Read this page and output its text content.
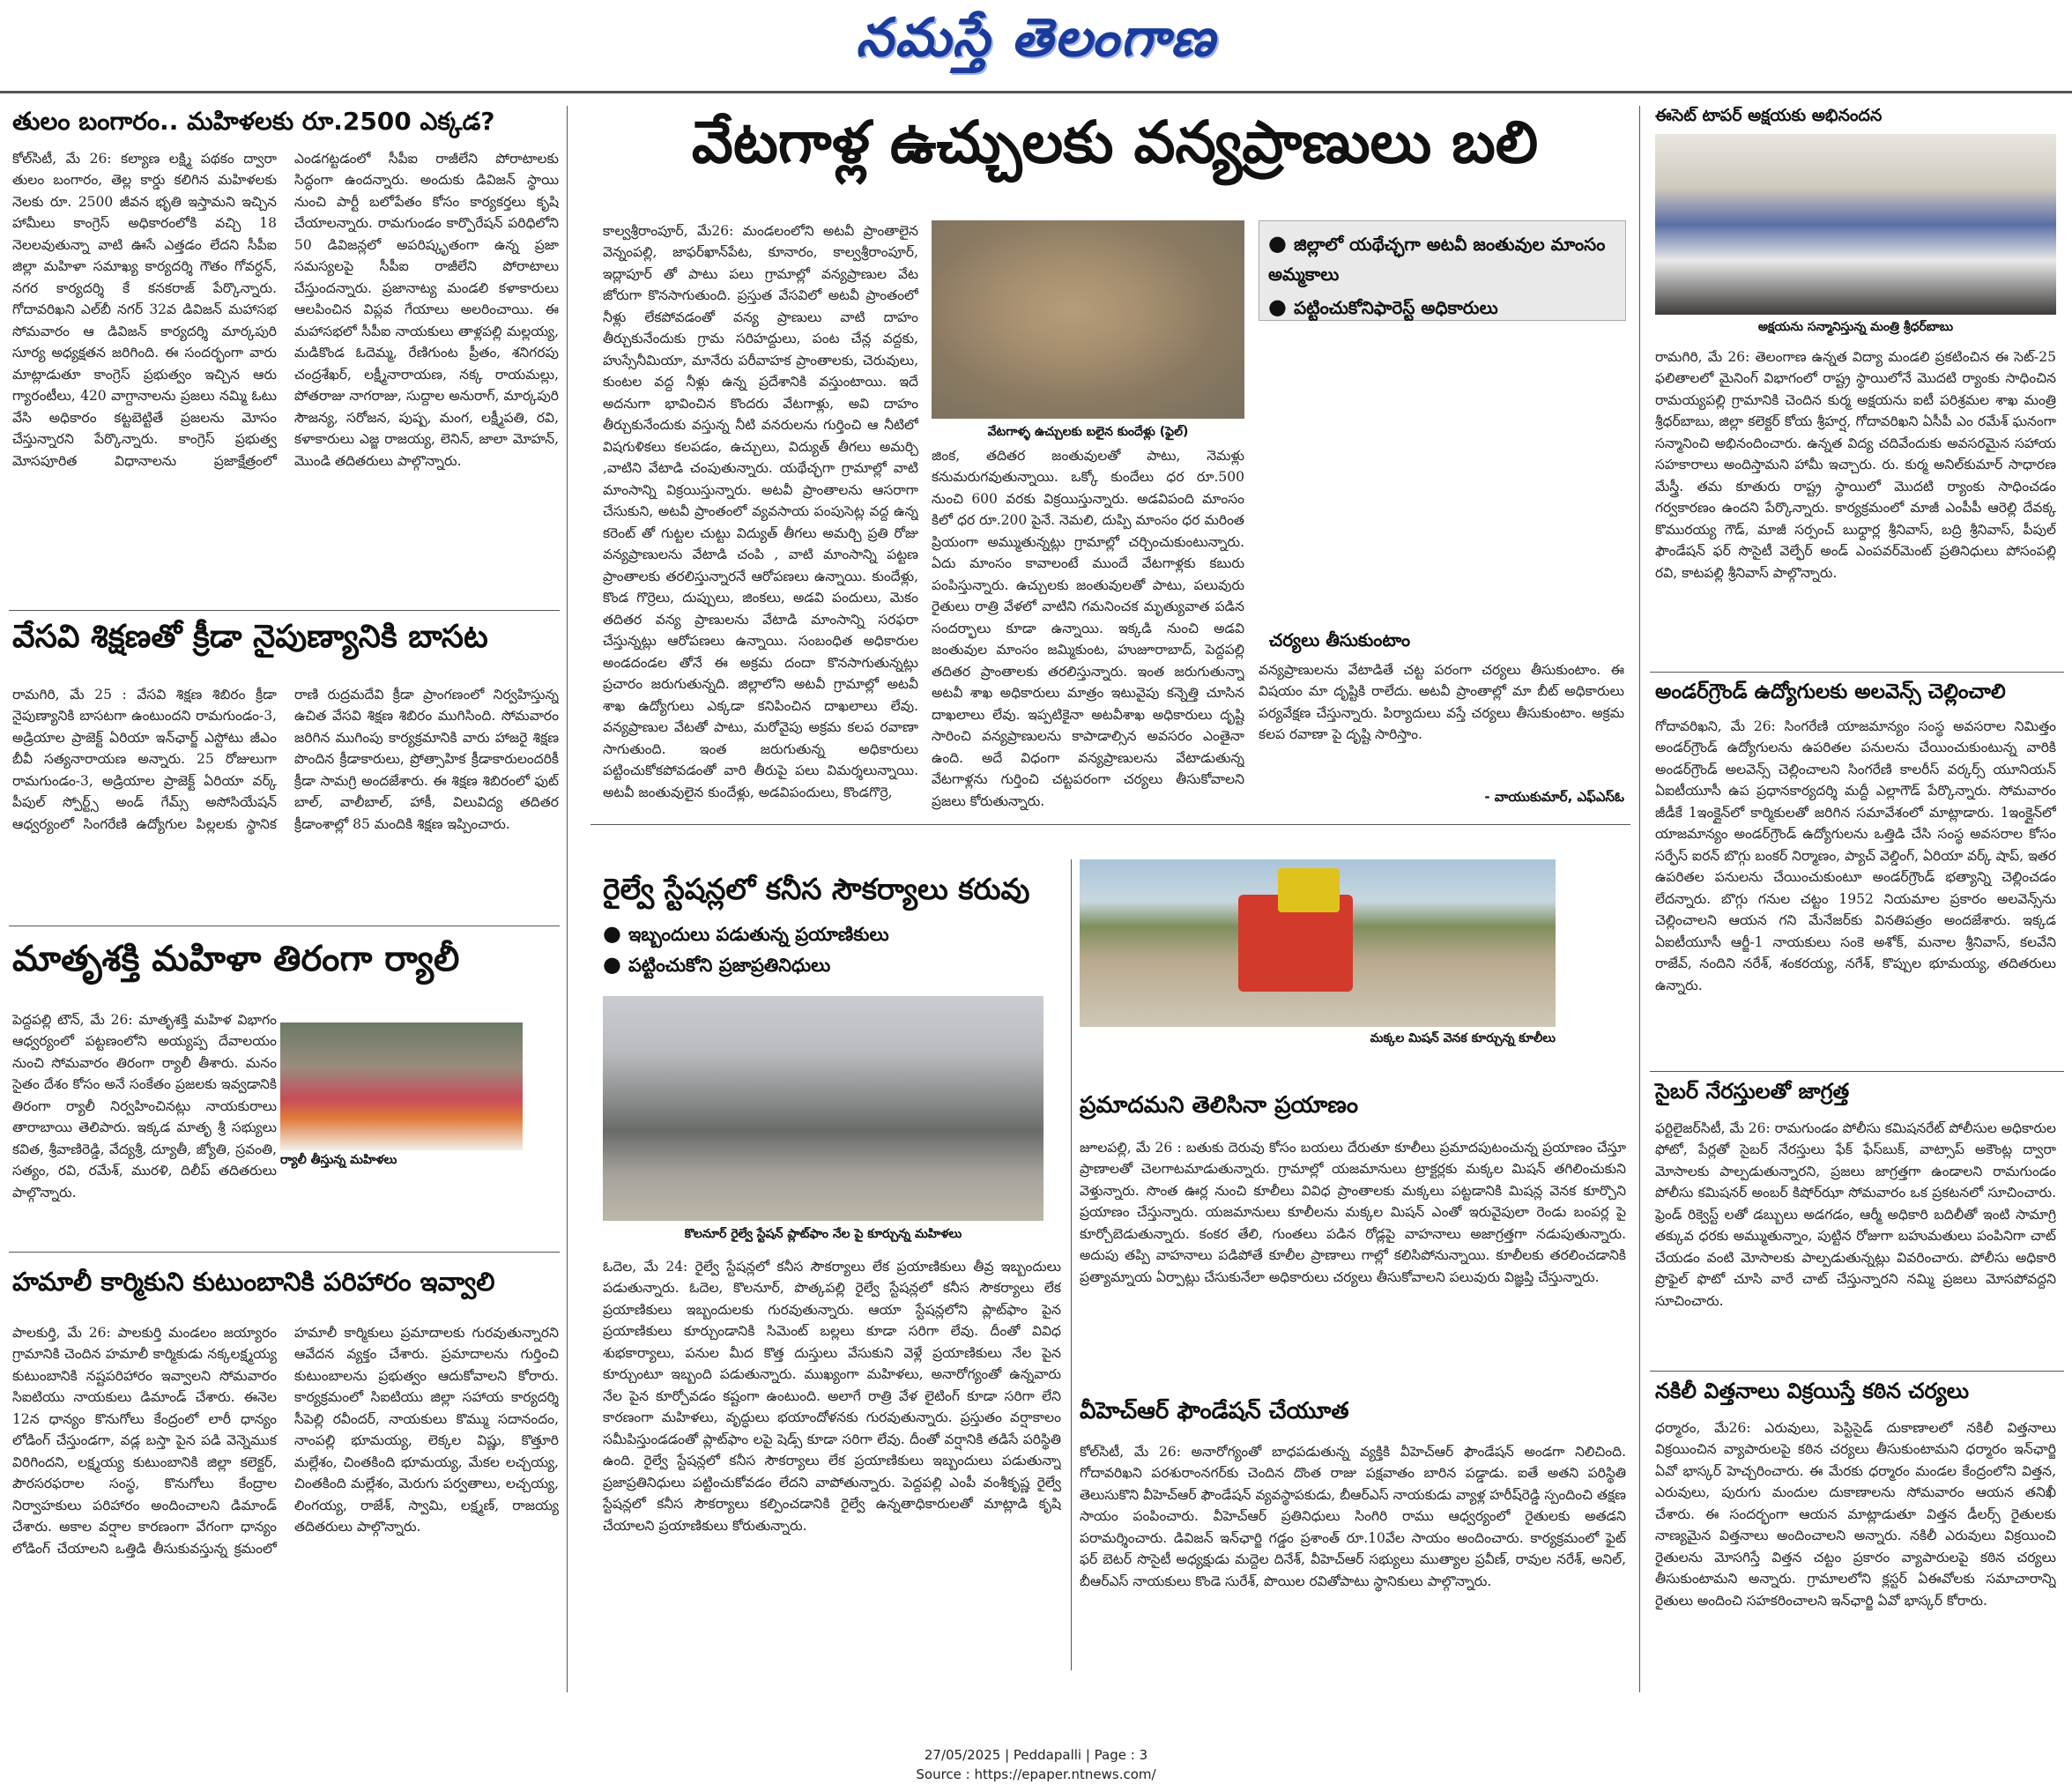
నమస్తే తెలంగాణ
తులం బంగారం.. మహిళలకు రూ.2500 ఎక్కడ?
కోల్‌సిటీ, మే 26: కల్యాణ లక్ష్మి పథకం ద్వారా తులం బంగారం, తెల్ల కార్డు కలిగిన మహిళలకు నెలకు రూ. 2500 జీవన భృతి ఇస్తామని ఇచ్చిన హామీలు కాంగ్రెస్ అధికారంలోకి వచ్చి 18 నెలలవుతున్నా వాటి ఊసే ఎత్తడం లేదని సీపీఐ జిల్లా మహిళా సమాఖ్య కార్యదర్శి గౌతం గోవర్ధన్, నగర కార్యదర్శి కే కనకరాజ్ పేర్కొన్నారు. గోదావరిఖని ఎల్‌బీ నగర్ 32వ డివిజన్ మహాసభ సోమవారం ఆ డివిజన్ కార్యదర్శి మార్కపురి సూర్య అధ్యక్షతన జరిగింది. ఈ సందర్భంగా వారు మాట్లాడుతూ కాంగ్రెస్ ప్రభుత్వం ఇచ్చిన ఆరు గ్యారంటీలు, 420 వాగ్దానాలను ప్రజలు నమ్మి ఓటు వేసి అధికారం కట్టబెట్టితే ప్రజలను మోసం చేస్తున్నారని పేర్కొన్నారు. కాంగ్రెస్ ప్రభుత్వ మోసపూరిత విధానాలను ప్రజాక్షేత్రంలో ఎండగట్టడంలో సీపీఐ రాజీలేని పోరాటాలకు సిద్ధంగా ఉందన్నారు. అందుకు డివిజన్ స్థాయి నుంచి పార్టీ బలోపేతం కోసం కార్యకర్తలు కృషి చేయాలన్నారు. రామగుండం కార్పొరేషన్ పరిధిలోని 50 డివిజన్లలో అపరిష్కృతంగా ఉన్న ప్రజా సమస్యలపై సీపీఐ రాజీలేని పోరాటాలు చేస్తుందన్నారు. ప్రజానాట్య మండలి కళాకారులు ఆలపించిన విప్లవ గేయాలు అలరించాయి. ఈ మహాసభలో సీపీఐ నాయకులు తాళ్లపల్లి మల్లయ్య, మడికొండ ఓదెమ్మ, రేణిగుంట ప్రీతం, శనిగరపు చంద్రశేఖర్, లక్ష్మీనారాయణ, నక్క రాయమల్లు, పోతరాజు నాగరాజు, సుద్దాల అనురాగ్, మార్కపురి సౌజన్య, సరోజన, పుష్ప, మంగ, లక్ష్మీపతి, రవి, కళాకారులు ఎజ్జ రాజయ్య, లెనిన్, జాలా మోహన్, మొండి తదితరులు పాల్గొన్నారు.
వేసవి శిక్షణతో క్రీడా నైపుణ్యానికి బాసట
రామగిరి, మే 25 : వేసవి శిక్షణ శిబిరం క్రీడా నైపుణ్యానికి బాసటగా ఉంటుందని రామగుండం-3, అడ్రియాల ప్రాజెక్ట్ ఏరియా ఇన్‌ఛార్జ్ ఎస్టోటు జీఎం బీవీ సత్యనారాయణ అన్నారు. 25 రోజులుగా రామగుండం-3, అడ్రియాల ప్రాజెక్ట్ ఏరియా వర్క్ పీపుల్ స్పోర్ట్స్ అండ్ గేమ్స్ అసోసియేషన్ ఆధ్వర్యంలో సింగరేణి ఉద్యోగుల పిల్లలకు స్థానిక రాణి రుద్రమదేవి క్రీడా ప్రాంగణంలో నిర్వహిస్తున్న ఉచిత వేసవి శిక్షణ శిబిరం ముగిసింది. సోమవారం జరిగిన ముగింపు కార్యక్రమానికి వారు హాజరై శిక్షణ పొందిన క్రీడాకారులు, ప్రోత్సాహిక క్రీడాకారులందరికీ క్రీడా సామగ్రి అందజేశారు. ఈ శిక్షణ శిబిరంలో ఫుట్ బాల్, వాలీబాల్, హాకీ, విలువిద్య తదితర క్రీడాంశాల్లో 85 మందికి శిక్షణ ఇప్పించారు.
మాతృశక్తి మహిళా తిరంగా ర్యాలీ
పెద్దపల్లి టౌన్, మే 26: మాతృశక్తి మహిళ విభాగం ఆధ్వర్యంలో పట్టణంలోని అయ్యప్ప దేవాలయం నుంచి సోమవారం తిరంగా ర్యాలీ తీశారు. మనం సైతం దేశం కోసం అనే సంకేతం ప్రజలకు ఇవ్వడానికి తిరంగా ర్యాలీ నిర్వహించినట్లు నాయకురాలు తారాబాయి తెలిపారు. ఇక్కడ మాతృ శ్రీ సభ్యులు కవిత, శ్రీవాణిరెడ్డి, వేద్యశ్రీ, ద్యూతీ, జ్యోతి, స్రవంతి, సత్యం, రవి, రమేశ్, మురళి, దిలీప్ తదితరులు పాల్గొన్నారు.
ర్యాలీ తీస్తున్న మహిళలు
హమాలీ కార్మికుని కుటుంబానికి పరిహారం ఇవ్వాలి
పాలకుర్తి, మే 26: పాలకుర్తి మండలం జయ్యారం గ్రామానికి చెందిన హమాలీ కార్మికుడు నక్కలక్ష్మయ్య కుటుంబానికి నష్టపరిహారం ఇవ్వాలని సోమవారం సిఐటియు నాయకులు డిమాండ్ చేశారు. ఈనెల 12న ధాన్యం కొనుగోలు కేంద్రంలో లారీ ధాన్యం లోడింగ్ చేస్తుండగా, వడ్ల బస్తా పైన పడి వెన్నెముక విరిగిందని, లక్ష్మయ్య కుటుంబానికి జిల్లా కలెక్టర్, పౌరసరఫరాల సంస్థ, కొనుగోలు కేంద్రాల నిర్వాహకులు పరిహారం అందించాలని డిమాండ్ చేశారు. అకాల వర్షాల కారణంగా వేగంగా ధాన్యం లోడింగ్ చేయాలని ఒత్తిడి తీసుకువస్తున్న క్రమంలో హమాలీ కార్మికులు ప్రమాదాలకు గురవుతున్నారని ఆవేదన వ్యక్తం చేశారు. ప్రమాదాలను గుర్తించి కుటుంబాలను ప్రభుత్వం ఆదుకోవాలని కోరారు. కార్యక్రమంలో సిఐటియు జిల్లా సహాయ కార్యదర్శి సీపెల్లి రవీందర్, నాయకులు కొమ్ము సదానందం, నాంపల్లి భూమయ్య, లెక్కల విష్ణు, కొత్తూరి మల్లేశం, చింతకింది భూమయ్య, మేకల లచ్చయ్య, చింతకింది మల్లేశం, మెరుగు పర్వతాలు, లచ్చయ్య, లింగయ్య, రాజేశ్, స్వామి, లక్ష్మణ్, రాజయ్య తదితరులు పాల్గొన్నారు.
వేటగాళ్ల ఉచ్చులకు వన్యప్రాణులు బలి
వేటగాళ్ళ ఉచ్చులకు బలైన కుందేళ్లు (ఫైల్)
● జిల్లాలో యథేచ్ఛగా అటవీ జంతువుల మాంసం అమ్మకాలు
● పట్టించుకోనిఫారెస్ట్ అధికారులు
కాల్వశ్రీరాంపూర్, మే26: మండలంలోని అటవీ ప్రాంతాలైన వెన్నంపల్లి, జాఫర్‌ఖాన్‌పేట, కూనారం, కాల్వశ్రీరాంపూర్, ఇద్లాపూర్ తో పాటు పలు గ్రామాల్లో వన్యప్రాణుల వేట జోరుగా కొనసాగుతుంది. ప్రస్తుత వేసవిలో అటవీ ప్రాంతంలో నీళ్లు లేకపోవడంతో వన్య ప్రాణులు వాటి దాహం తీర్చుకునేందుకు గ్రామ సరిహద్దులు, పంట చేన్ల వద్దకు, హుస్సేనీమియా, మానేరు పరీవాహక ప్రాంతాలకు, చెరువులు, కుంటల వద్ద నీళ్లు ఉన్న ప్రదేశానికి వస్తుంటాయి. ఇదే అదనుగా భావించిన కొందరు వేటగాళ్లు, అవి దాహం తీర్చుకునేందుకు వస్తున్న నీటి వనరులను గుర్తించి ఆ నీటిలో విషగుళికలు కలపడం, ఉచ్చులు, విద్యుత్ తీగలు అమర్చి ,వాటిని వేటాడి చంపుతున్నారు. యథేచ్ఛగా గ్రామాల్లో వాటి మాంసాన్ని విక్రయిస్తున్నారు. అటవీ ప్రాంతాలను ఆసరాగా చేసుకుని, అటవీ ప్రాంతంలో వ్యవసాయ పంపుసెట్ల వద్ద ఉన్న కరెంట్ తో గుట్టల చుట్టు విద్యుత్ తీగలు అమర్చి ప్రతి రోజు వన్యప్రాణులను వేటాడి చంపి , వాటి మాంసాన్ని పట్టణ ప్రాంతాలకు తరలిస్తున్నారనే ఆరోపణలు ఉన్నాయి. కుందేళ్లు, కొండ గొర్రెలు, దుప్పులు, జింకలు, అడవి పందులు, మెకం తదితర వన్య ప్రాణులను వేటాడి మాంసాన్ని సరఫరా చేస్తున్నట్లు ఆరోపణలు ఉన్నాయి. సంబంధిత అధికారుల అండదండల తోనే ఈ అక్రమ దందా కొనసాగుతున్నట్లు ప్రచారం జరుగుతున్నది. జిల్లాలోని అటవీ గ్రామాల్లో అటవీ శాఖ ఉద్యోగులు ఎక్కడా కనిపించిన దాఖలాలు లేవు. వన్యప్రాణుల వేటతో పాటు, మరోవైపు అక్రమ కలప రవాణా సాగుతుంది. ఇంత జరుగుతున్న అధికారులు పట్టించుకోకపోవడంతో వారి తీరుపై పలు విమర్శలున్నాయి. అటవీ జంతువులైన కుందేళ్లు, అడవిపందులు, కొండగొర్రె,
జింక, తదితర జంతువులతో పాటు, నెమళ్లు కనుమరుగవుతున్నాయి. ఒక్కో కుందేలు ధర రూ.500 నుంచి 600 వరకు విక్రయిస్తున్నారు. అడవిపంది మాంసం కిలో ధర రూ.200 పైనే. నెమలి, దుప్పి మాంసం ధర మరింత ప్రియంగా అమ్ముతున్నట్లు గ్రామాల్లో చర్చించుకుంటున్నారు. ఏదు మాంసం కావాలంటే ముందే వేటగాళ్లకు కబురు పంపిస్తున్నారు. ఉచ్చులకు జంతువులతో పాటు, పలువురు రైతులు రాత్రి వేళలో వాటిని గమనించక మృత్యువాత పడిన సందర్భాలు కూడా ఉన్నాయి. ఇక్కడి నుంచి అడవి జంతువుల మాంసం జమ్మికుంట, హుజూరాబాద్, పెద్దపల్లి తదితర ప్రాంతాలకు తరలిస్తున్నారు. ఇంత జరుగుతున్నా అటవీ శాఖ అధికారులు మాత్రం ఇటువైపు కన్నెత్తి చూసిన దాఖలాలు లేవు. ఇప్పటికైనా అటవీశాఖ అధికారులు దృష్టి సారించి వన్యప్రాణులను కాపాడాల్సిన అవసరం ఎంతైనా ఉంది. అదే విధంగా వన్యప్రాణులను వేటాడుతున్న వేటగాళ్లను గుర్తించి చట్టపరంగా చర్యలు తీసుకోవాలని ప్రజలు కోరుతున్నారు.
చర్యలు తీసుకుంటాం
వన్యప్రాణులను వేటాడితే చట్ట పరంగా చర్యలు తీసుకుంటాం. ఈ విషయం మా దృష్టికి రాలేదు. అటవీ ప్రాంతాల్లో మా బీట్ అధికారులు పర్యవేక్షణ చేస్తున్నారు. పిర్యాదులు వస్తే చర్యలు తీసుకుంటాం. అక్రమ కలప రవాణా పై దృష్టి సారిస్తాం.
- వాయుకుమార్, ఎఫ్‌ఎస్‌ఓ
రైల్వే స్టేషన్లలో కనీస సౌకర్యాలు కరువు
● ఇబ్బందులు పడుతున్న ప్రయాణికులు
● పట్టించుకోని ప్రజాప్రతినిధులు
కొలనూర్ రైల్వే స్టేషన్ ప్లాట్‌ఫాం నేల పై కూర్చున్న మహిళలు
ఓదెల, మే 24: రైల్వే స్టేషన్లలో కనీస సౌకర్యాలు లేక ప్రయాణికులు తీవ్ర ఇబ్బందులు పడుతున్నారు. ఓదెల, కొలనూర్, పొత్కపల్లి రైల్వే స్టేషన్లలో కనీస సౌకర్యాలు లేక ప్రయాణికులు ఇబ్బందులకు గురవుతున్నారు. ఆయా స్టేషన్లలోని ప్లాట్‌ఫాం పైన ప్రయాణికులు కూర్చుండానికి సిమెంట్ బల్లలు కూడా సరిగా లేవు. దీంతో వివిధ శుభకార్యాలు, పనుల మీద కొత్త దుస్తులు వేసుకుని వెళ్లే ప్రయాణికులు నేల పైన కూర్చుంటూ ఇబ్బంది పడుతున్నారు. ముఖ్యంగా మహిళలు, అనారోగ్యంతో ఉన్నవారు నేల పైన కూర్చోవడం కష్టంగా ఉంటుంది. అలాగే రాత్రి వేళ లైటింగ్ కూడా సరిగా లేని కారణంగా మహిళలు, వృద్ధులు భయాందోళనకు గురవుతున్నారు. ప్రస్తుతం వర్షాకాలం సమీపిస్తుండడంతో ప్లాట్‌ఫాం లపై షెడ్స్ కూడా సరిగా లేవు. దీంతో వర్షానికి తడిసే పరిస్థితి ఉంది. రైల్వే స్టేషన్లలో కనీస సౌకర్యాలు లేక ప్రయాణికులు ఇబ్బందులు పడుతున్నా ప్రజాప్రతినిధులు పట్టించుకోవడం లేదని వాపోతున్నారు. పెద్దపల్లి ఎంపీ వంశీకృష్ణ రైల్వే స్టేషన్లలో కనీస సౌకర్యాలు కల్పించడానికి రైల్వే ఉన్నతాధికారులతో మాట్లాడి కృషి చేయాలని ప్రయాణికులు కోరుతున్నారు.
మక్కల మిషన్ వెనక కూర్చున్న కూలీలు
ప్రమాదమని తెలిసినా ప్రయాణం
జూలపల్లి, మే 26 : బతుకు దెరువు కోసం బయలు దేరుతూ కూలీలు ప్రమాదపుటంచున్న ప్రయాణం చేస్తూ ప్రాణాలతో చెలగాటమాడుతున్నారు. గ్రామాల్లో యజమానులు ట్రాక్టర్లకు మక్కల మిషన్ తగిలించుకుని వెళ్తున్నారు. సొంత ఊర్ల నుంచి కూలీలు వివిధ ప్రాంతాలకు మక్కలు పట్టడానికి మిషన్ల వెనక కూర్చొని ప్రయాణం చేస్తున్నారు. యజమానులు కూలీలను మక్కల మిషన్ ఎంతో ఇరువైపులా రెండు బంపర్ల పై కూర్చోబెడుతున్నారు. కంకర తేలి, గుంతలు పడిన రోడ్లపై వాహనాలు అజాగ్రత్తగా నడుపుతున్నారు. అదుపు తప్పి వాహనాలు పడిపోతే కూలీల ప్రాణాలు గాల్లో కలిసిపోనున్నాయి. కూలీలకు తరలించడానికి ప్రత్యామ్నాయ ఏర్పాట్లు చేసుకునేలా అధికారులు చర్యలు తీసుకోవాలని పలువురు విజ్ఞప్తి చేస్తున్నారు.
వీహెచ్‌ఆర్ ఫౌండేషన్ చేయూత
కోల్‌సిటీ, మే 26: అనారోగ్యంతో బాధపడుతున్న వ్యక్తికి వీహెచ్‌ఆర్ ఫౌండేషన్ అండగా నిలిచింది. గోదావరిఖని పరశురాంనగర్‌కు చెందిన దొంత రాజు పక్షవాతం బారిన పడ్డాడు. ఐతే అతని పరిస్థితి తెలుసుకొని వీహెచ్‌ఆర్ ఫౌండేషన్ వ్యవస్థాపకుడు, బీఆర్‌ఎస్ నాయకుడు వ్యాళ్ల హరీష్‌రెడ్డి స్పందించి తక్షణ సాయం పంపించారు. వీహెచ్‌ఆర్ ప్రతినిధులు సింగిరి రాము ఆధ్వర్యంలో రైతులకు అతడని పరామర్శించారు. డివిజన్ ఇన్‌ఛార్జి గడ్డం ప్రశాంత్ రూ.10వేల సాయం అందించారు. కార్యక్రమంలో ఫైట్ ఫర్ బెటర్ సొసైటీ అధ్యక్షుడు మద్దెల దినేశ్, వీహెచ్‌ఆర్ సభ్యులు ముత్యాల ప్రవీణ్, రావుల నరేశ్, అనిల్, బీఆర్‌ఎస్ నాయకులు కొండె సురేశ్, పొయిల రవితోపాటు స్థానికులు పాల్గొన్నారు.
ఈసెట్ టాపర్ అక్షయకు అభినందన
అక్షయను సన్మానిస్తున్న మంత్రి శ్రీధర్‌బాబు
రామగిరి, మే 26: తెలంగాణ ఉన్నత విద్యా మండలి ప్రకటించిన ఈ సెట్-25 ఫలితాలలో మైనింగ్ విభాగంలో రాష్ట్ర స్థాయిలోనే మొదటి ర్యాంకు సాధించిన రామయ్యపల్లి గ్రామానికి చెందిన కుర్మ అక్షయను ఐటీ పరిశ్రమల శాఖ మంత్రి శ్రీధర్‌బాబు, జిల్లా కలెక్టర్ కోయ శ్రీహర్ష, గోదావరిఖని ఏసీపీ ఎం రమేశ్ ఘనంగా సన్మానించి అభినందించారు. ఉన్నత విద్య చదివేందుకు అవసరమైన సహాయ సహకారాలు అందిస్తామని హామీ ఇచ్చారు. రు. కుర్మ అనిల్‌కుమార్ సాధారణ మేస్త్రీ. తమ కూతురు రాష్ట్ర స్థాయిలో మొదటి ర్యాంకు సాధించడం గర్వకారణం ఉందని పేర్కొన్నారు. కార్యక్రమంలో మాజీ ఎంపీపీ ఆరెల్లి దేవక్క కొమురయ్య గౌడ్, మాజీ సర్పంచ్ బుధ్దార్ల శ్రీనివాస్, బద్రి శ్రీనివాస్, పీపుల్ ఫౌండేషన్ ఫర్ సొసైటీ వెల్ఫేర్ అండ్ ఎంపవర్‌మెంట్ ప్రతినిధులు పోసంపల్లి రవి, కాటపల్లి శ్రీనివాస్ పాల్గొన్నారు.
అండర్‌గ్రౌండ్ ఉద్యోగులకు అలవెన్స్ చెల్లించాలి
గోదావరిఖని, మే 26: సింగరేణి యాజమాన్యం సంస్థ అవసరాల నిమిత్తం అండర్‌గ్రౌండ్ ఉద్యోగులను ఉపరితల పనులను చేయించుకుంటున్న వారికి అండర్‌గ్రౌండ్ అలవెన్స్ చెల్లించాలని సింగరేణి కాలరీస్ వర్కర్స్ యూనియన్ ఏఐటీయూసీ ఉప ప్రధానకార్యదర్శి మద్దీ ఎల్లాగౌడ్ పేర్కొన్నారు. సోమవారం జీడీకే 1ఇంక్లైన్‌లో కార్మికులతో జరిగిన సమావేశంలో మాట్లాడారు. 1ఇంక్లైన్‌లో యాజమాన్యం అండర్‌గ్రౌండ్ ఉద్యోగులను ఒత్తిడి చేసి సంస్థ అవసరాల కోసం సర్ఫేస్ ఐరన్ బొగ్గు బంకర్ నిర్మాణం, ప్యాచ్ వెల్డింగ్, ఏరియా వర్క్ షాప్, ఇతర ఉపరితల పనులను చేయించుకుంటూ అండర్‌గ్రౌండ్ భత్యాన్ని చెల్లించడం లేదన్నారు. బొగ్గు గనుల చట్టం 1952 నియమాల ప్రకారం అలవెన్స్‌ను చెల్లించాలని ఆయన గని మేనేజర్‌కు వినతిపత్రం అందజేశారు. ఇక్కడ ఏఐటీయూసీ ఆర్జీ-1 నాయకులు సంకె అశోక్, మనాల శ్రీనివాస్, కలవేని రాజేవ్, నందిని నరేశ్, శంకరయ్య, నగేశ్, కొప్పుల భూమయ్య, తదితరులు ఉన్నారు.
సైబర్ నేరస్తులతో జాగ్రత్త
ఫర్టిలైజర్‌సిటీ, మే 26: రామగుండం పోలీసు కమిషనరేట్ పోలీసుల అధికారుల ఫోటో, పేర్లతో సైబర్ నేరస్తులు ఫేక్ ఫేస్‌బుక్, వాట్సాప్ అకౌంట్ల ద్వారా మోసాలకు పాల్పడుతున్నారని, ప్రజలు జాగ్రత్తగా ఉండాలని రామగుండం పోలీసు కమిషనర్ అంబర్ కిషోర్‌ఝా సోమవారం ఒక ప్రకటనలో సూచించారు. ఫ్రెండ్ రిక్వెస్ట్ లతో డబ్బులు అడగడం, ఆర్మీ అధికారి బదిలీతో ఇంటి సామాగ్రి తక్కువ ధరకు అమ్ముతున్నాం, పుట్టిన రోజుగా బహుమతులు పంపినిగా చాట్ చేయడం వంటి మోసాలకు పాల్పడుతున్నట్లు వివరించారు. పోలీసు అధికారి ప్రొఫైల్ ఫొటో చూసి వారే చాట్ చేస్తున్నారని నమ్మి ప్రజలు మోసపోవద్దని సూచించారు.
నకిలీ విత్తనాలు విక్రయిస్తే కఠిన చర్యలు
ధర్మారం, మే26: ఎరువులు, పెస్టిసైడ్ దుకాణాలలో నకిలీ విత్తనాలు విక్రయించిన వ్యాపారులపై కఠిన చర్యలు తీసుకుంటామని ధర్మారం ఇన్‌ఛార్జి ఏవో భాస్కర్ హెచ్చరించారు. ఈ మేరకు ధర్మారం మండల కేంద్రంలోని విత్తన, ఎరువులు, పురుగు మందుల దుకాణాలను సోమవారం ఆయన తనిఖీ చేశారు. ఈ సందర్భంగా ఆయన మాట్లాడుతూ విత్తన డీలర్స్ రైతులకు నాణ్యమైన విత్తనాలు అందించాలని అన్నారు. నకిలీ ఎరువులు విక్రయించి రైతులను మోసగిస్తే విత్తన చట్టం ప్రకారం వ్యాపారులపై కఠిన చర్యలు తీసుకుంటామని అన్నారు. గ్రామాలలోని క్లస్టర్ ఏఈవోలకు సమాచారాన్ని రైతులు అందించి సహకరించాలని ఇన్‌ఛార్జి ఏవో భాస్కర్ కోరారు.
27/05/2025 | Peddapalli | Page : 3
Source : https://epaper.ntnews.com/
